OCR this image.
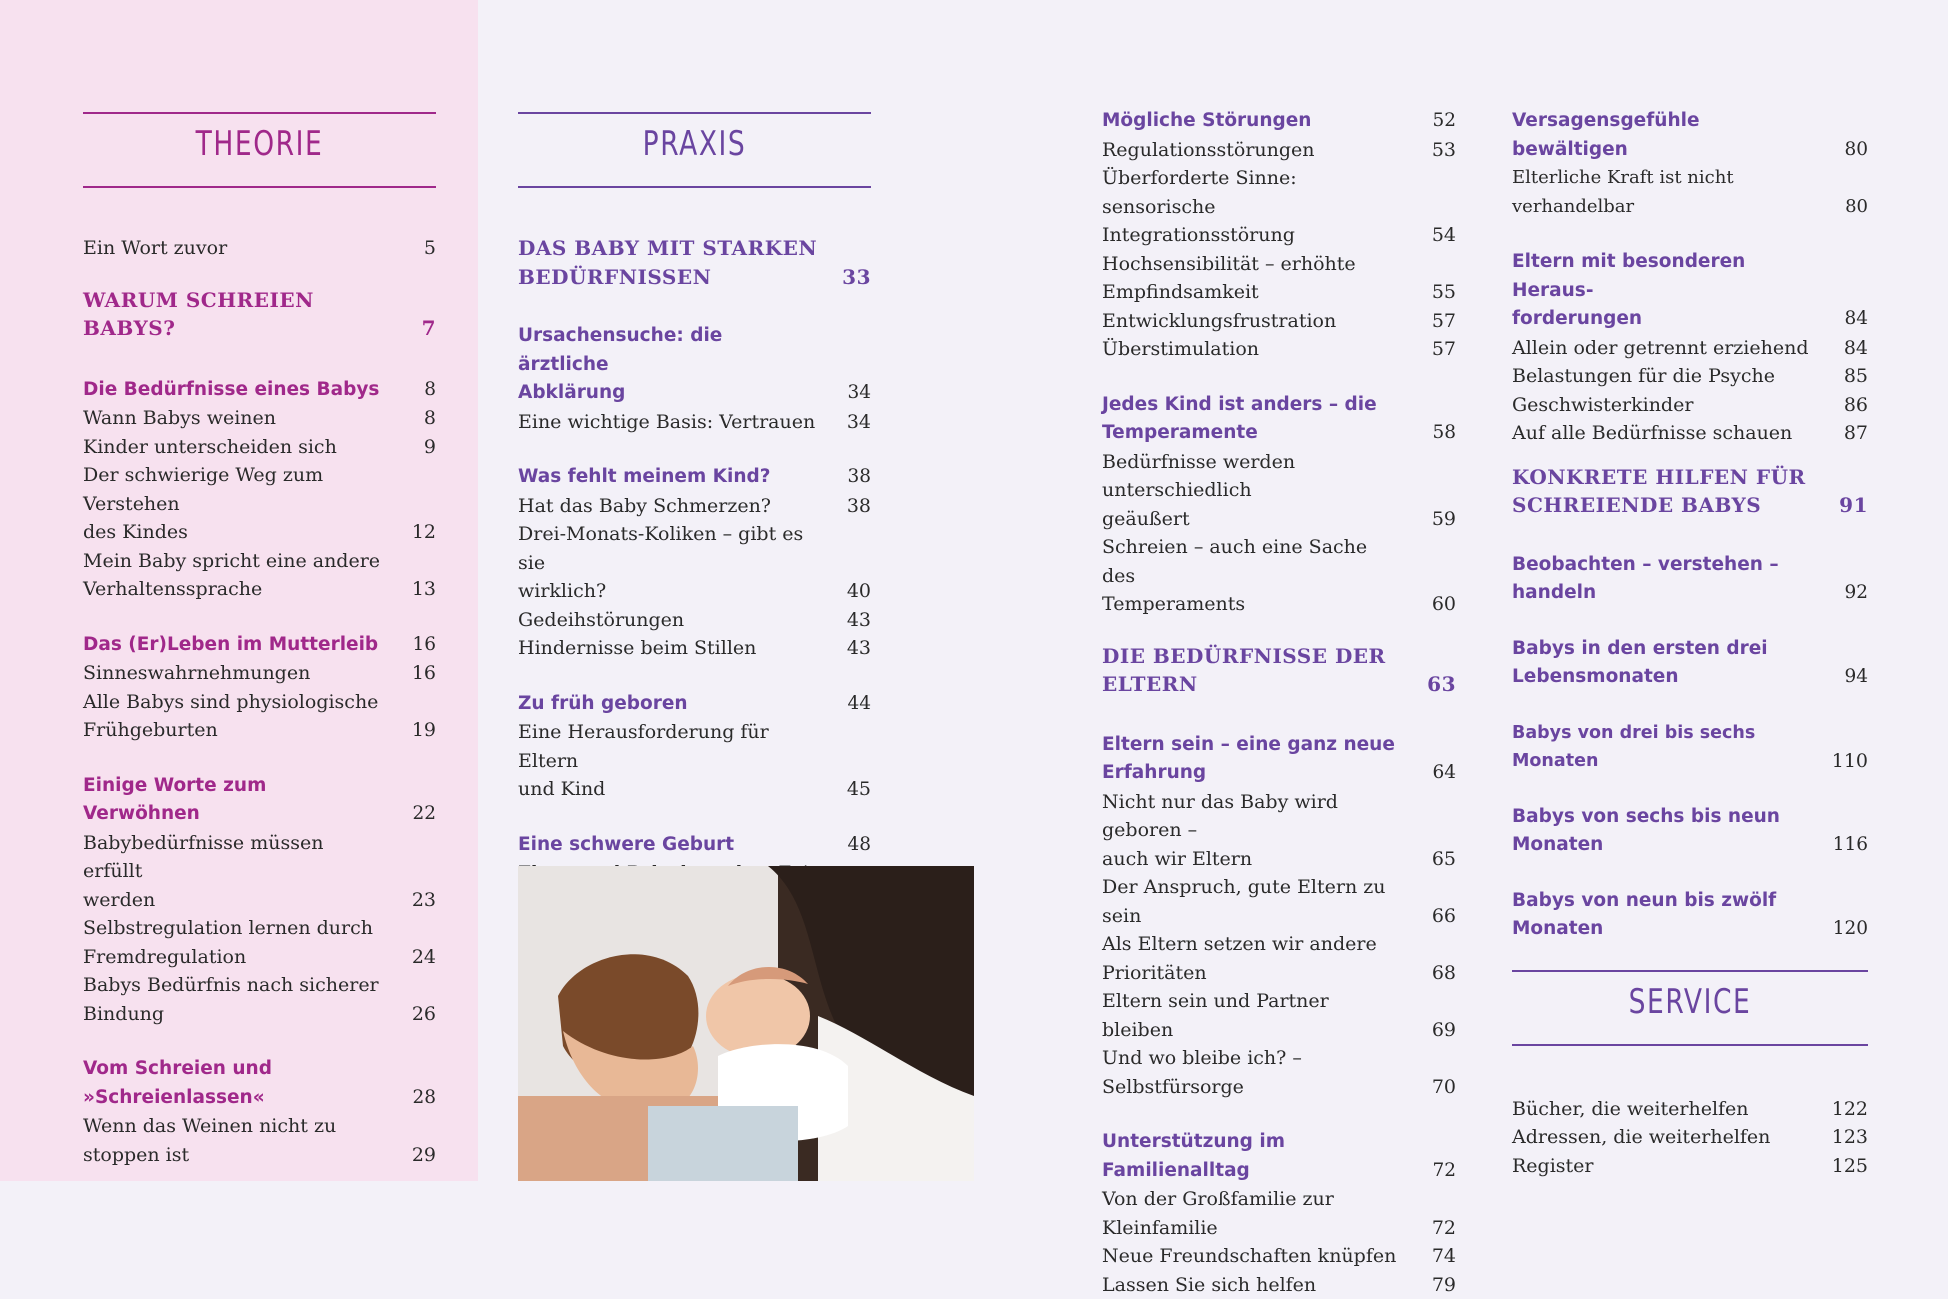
THEORIE
Ein Wort zuvor	5
WARUM SCHREIEN BABYS?	7
Die Bedürfnisse eines Babys	8
Wann Babys weinen	8
Kinder unterscheiden sich	9
Der schwierige Weg zum Verstehen
des Kindes	12
Mein Baby spricht eine andere
Verhaltenssprache	13
Das (Er)Leben im Mutterleib	16
Sinneswahrnehmungen	16
Alle Babys sind physiologische
Frühgeburten	19
Einige Worte zum Verwöhnen	22
Babybedürfnisse müssen erfüllt
werden	23
Selbstregulation lernen durch
Fremdregulation	24
Babys Bedürfnis nach sicherer
Bindung	26
Vom Schreien und
»Schreienlassen«	28
Wenn das Weinen nicht zu
stoppen ist	29
PRAXIS
DAS BABY MIT STARKEN
BEDÜRFNISSEN	33
Ursachensuche: die ärztliche
Abklärung	34
Eine wichtige Basis: Vertrauen	34
Was fehlt meinem Kind?	38
Hat das Baby Schmerzen?	38
Drei-Monats-Koliken – gibt es sie
wirklich?	40
Gedeihstörungen	43
Hindernisse beim Stillen	43
Zu früh geboren	44
Eine Herausforderung für Eltern
und Kind	45
Eine schwere Geburt	48
Mögliche Störungen	52
Regulationsstörungen	53
Überforderte Sinne: sensorische
Integrationsstörung	54
Hochsensibilität – erhöhte
Empfindsamkeit	55
Entwicklungsfrustration	57
Überstimulation	57
Jedes Kind ist anders – die
Temperamente	58
Bedürfnisse werden unterschiedlich
geäußert	59
Schreien – auch eine Sache des
Temperaments	60
DIE BEDÜRFNISSE DER
ELTERN	63
Eltern sein – eine ganz neue
Erfahrung	64
Nicht nur das Baby wird geboren –
auch wir Eltern	65
Der Anspruch, gute Eltern zu sein	66
Als Eltern setzen wir andere
Prioritäten	68
Eltern sein und Partner bleiben	69
Und wo bleibe ich? – Selbstfürsorge	70
Unterstützung im Familienalltag	72
Von der Großfamilie zur
Kleinfamilie	72
Neue Freundschaften knüpfen	74
Lassen Sie sich helfen	79
Versagensgefühle bewältigen	80
Elterliche Kraft ist nicht verhandelbar	80
Eltern mit besonderen Heraus-
forderungen	84
Allein oder getrennt erziehend	84
Belastungen für die Psyche	85
Geschwisterkinder	86
Auf alle Bedürfnisse schauen	87
KONKRETE HILFEN FÜR
SCHREIENDE BABYS	91
Beobachten – verstehen –
handeln	92
Babys in den ersten drei
Lebensmonaten	94
Babys von drei bis sechs Monaten	110
Babys von sechs bis neun
Monaten	116
Babys von neun bis zwölf
Monaten	120
SERVICE
Bücher, die weiterhelfen	122
Adressen, die weiterhelfen	123
Register	125
